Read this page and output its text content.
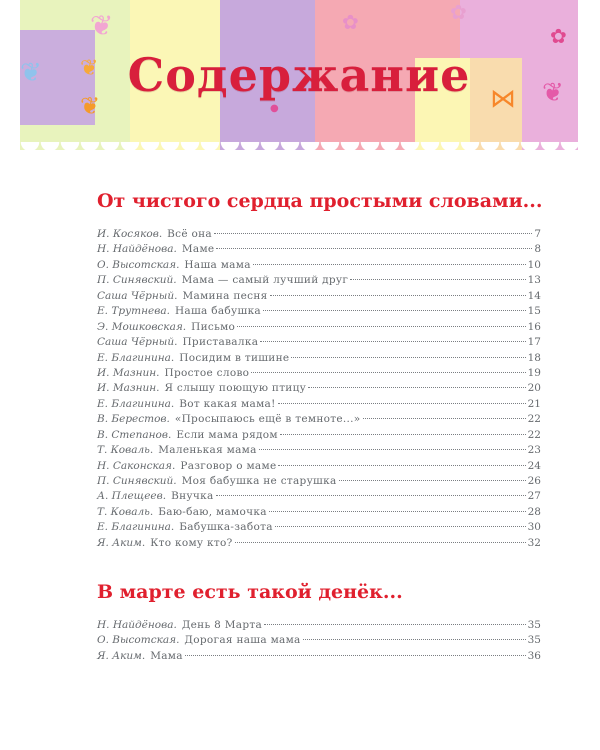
❦
❦ ❦
❦
✿	✿
✿
⋈ ❦
●
Содержание
От чистого сердца простыми словами...
И. Косяков. Всё она	7
Н. Найдёнова. Маме	8
О. Высотская. Наша мама	10
П. Синявский. Мама — самый лучший друг	13
Саша Чёрный. Мамина песня	14
Е. Трутнева. Наша бабушка	15
Э. Мошковская. Письмо	16
Саша Чёрный. Приставалка	17
Е. Благинина. Посидим в тишине	18
И. Мазнин. Простое слово	19
И. Мазнин. Я слышу поющую птицу	20
Е. Благинина. Вот какая мама!	21
В. Берестов. «Просыпаюсь ещё в темноте...»	22
В. Степанов. Если мама рядом	22
Т. Коваль. Маленькая мама	23
Н. Саконская. Разговор о маме	24
П. Синявский. Моя бабушка не старушка	26
А. Плещеев. Внучка	27
Т. Коваль. Баю-баю, мамочка	28
Е. Благинина. Бабушка-забота	30
Я. Аким. Кто кому кто?	32
В марте есть такой денёк...
Н. Найдёнова. День 8 Марта	35
О. Высотская. Дорогая наша мама	35
Я. Аким. Мама	36
